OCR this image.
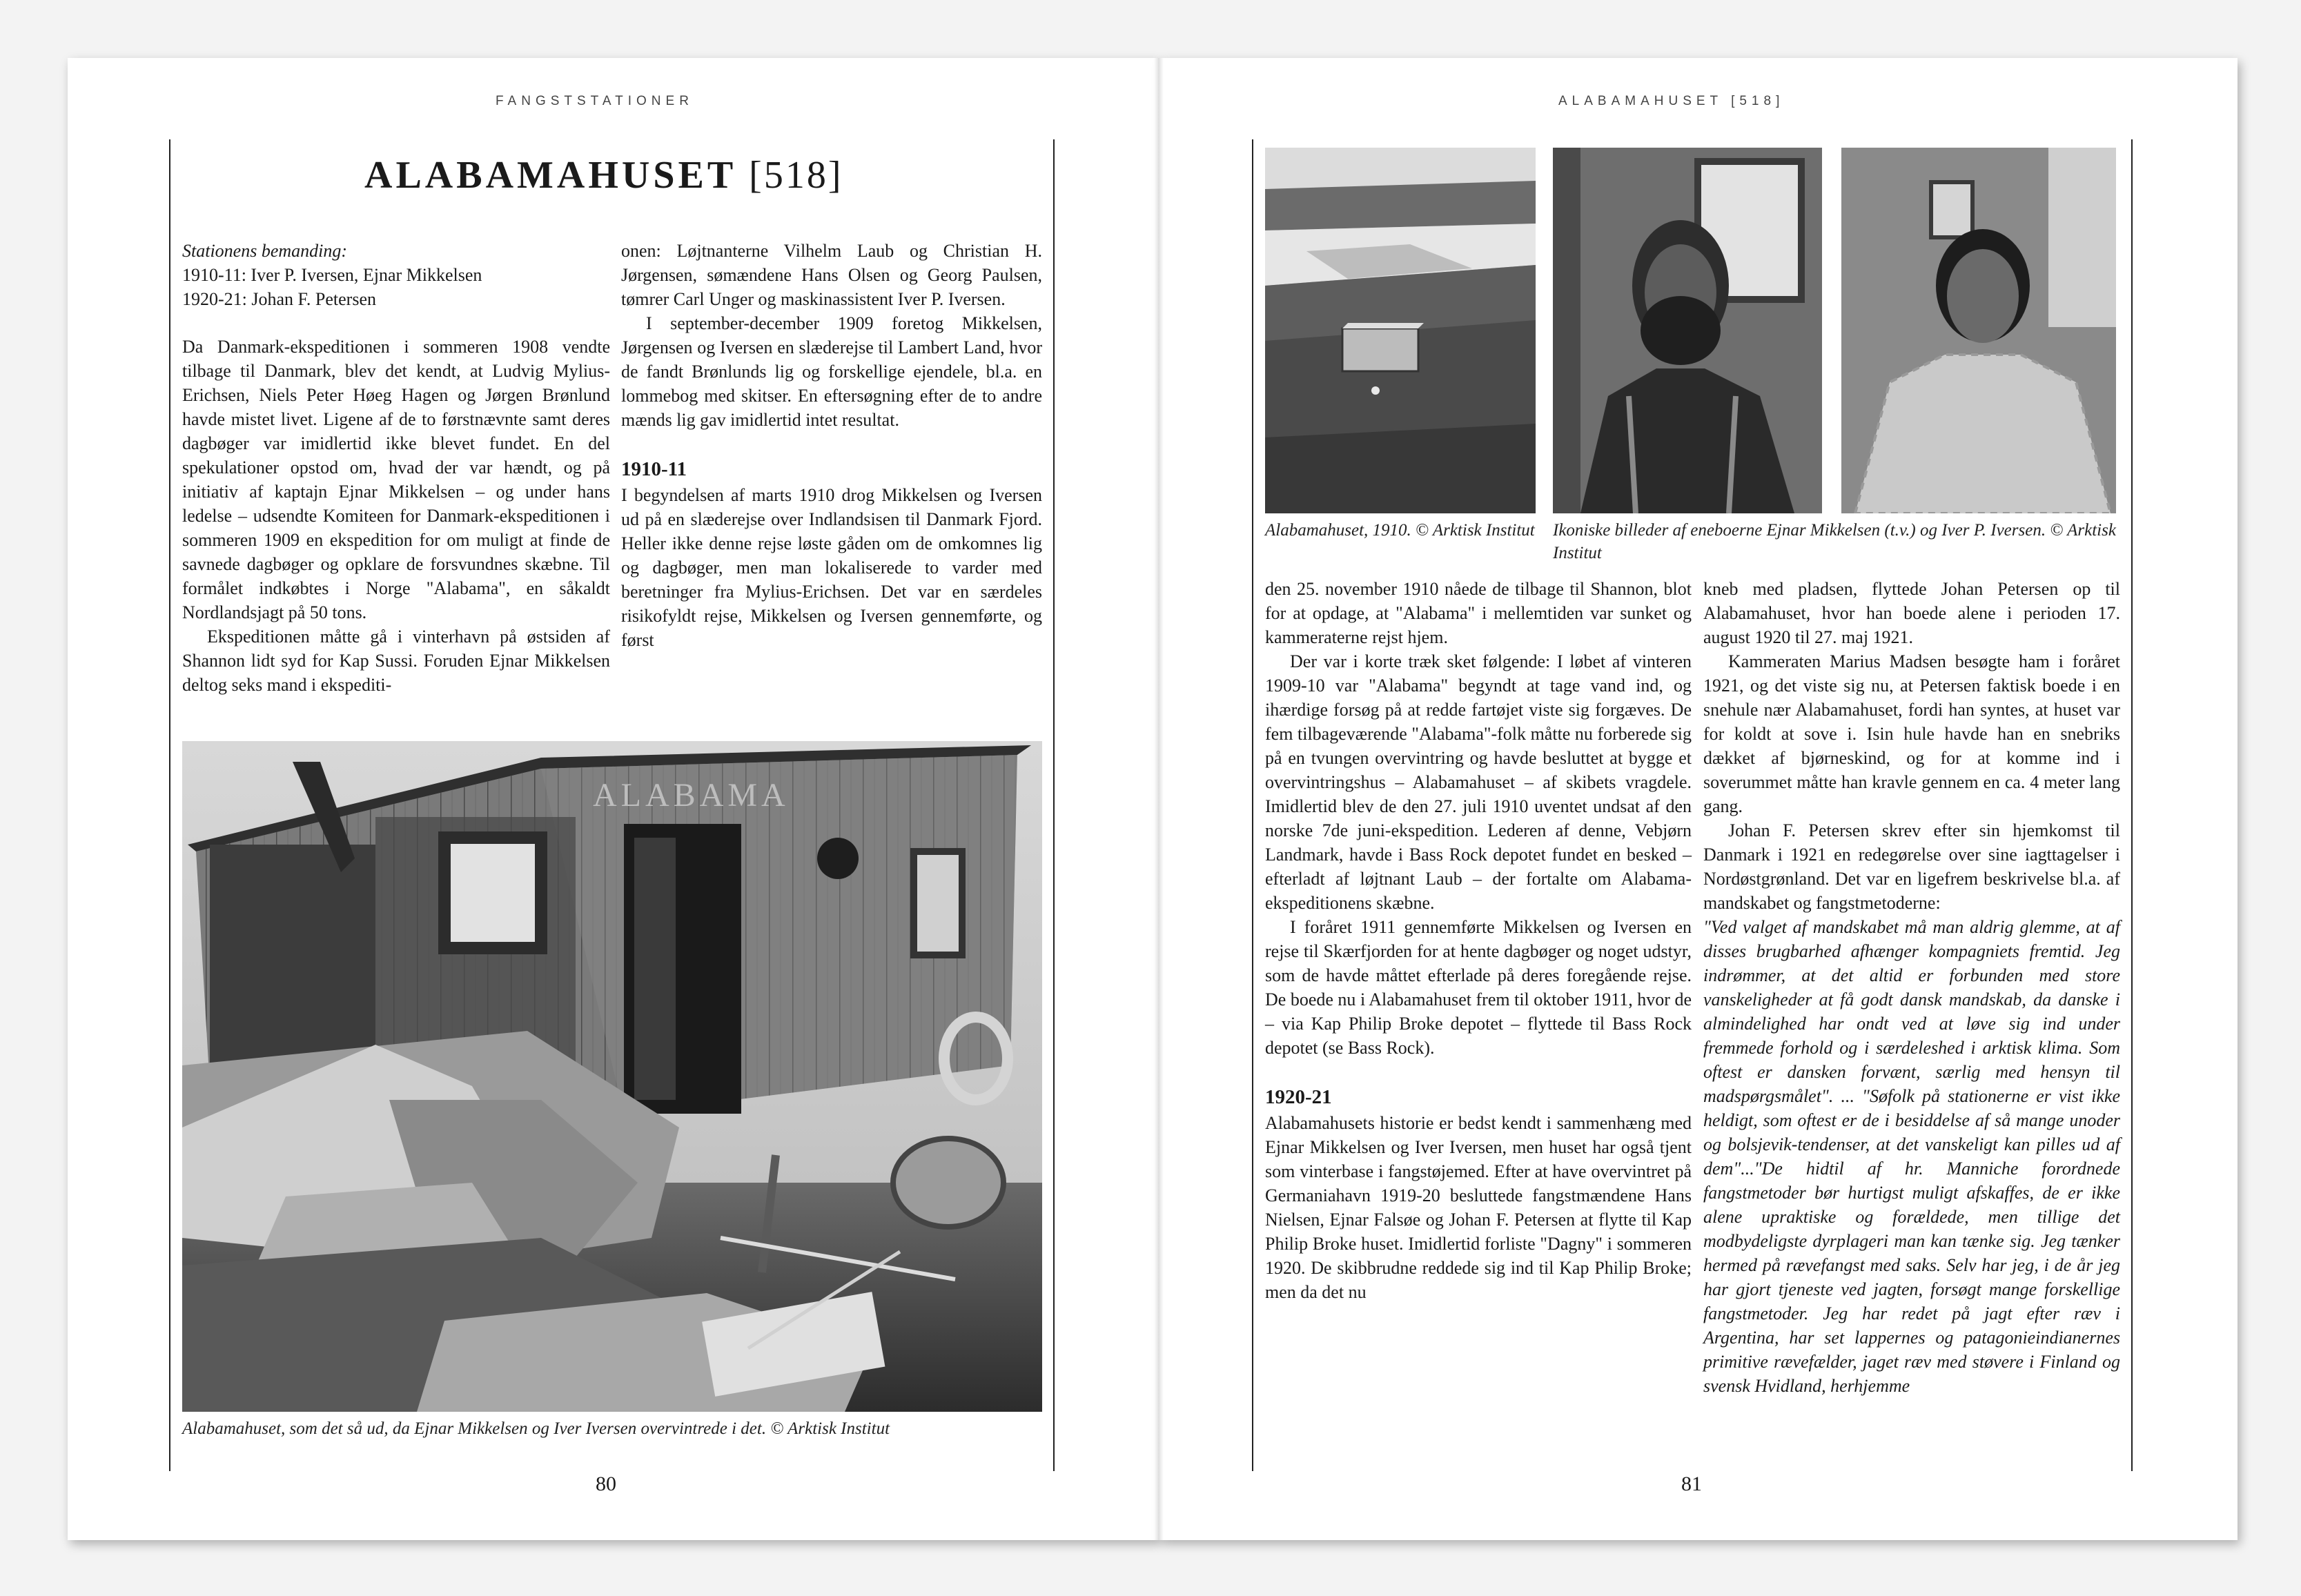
FANGSTSTATIONER
ALABAMAHUSET [518]

Stationens bemanding:

1910-11: Iver P. Iversen, Ejnar Mikkelsen

1920-21: Johan F. Petersen

Da Danmark-ekspeditionen i sommeren 1908 vendte tilbage til Danmark, blev det kendt, at Ludvig Mylius-Erichsen, Niels Peter Høeg Hagen og Jørgen Brønlund havde mistet livet. Ligene af de to førstnævnte samt deres dagbøger var imidlertid ikke blevet fundet. En del spekulationer opstod om, hvad der var hændt, og på initiativ af kaptajn Ejnar Mikkelsen – og under hans ledelse – udsendte Komiteen for Danmark-ekspeditionen i sommeren 1909 en ekspedition for om muligt at finde de savnede dagbøger og opklare de forsvundnes skæbne. Til formålet indkøbtes i Norge "Alabama", en såkaldt Nordlandsjagt på 50 tons.

Ekspeditionen måtte gå i vinterhavn på østsiden af Shannon lidt syd for Kap Sussi. Foruden Ejnar Mikkelsen deltog seks mand i ekspediti-

onen: Løjtnanterne Vilhelm Laub og Christian H. Jørgensen, sømændene Hans Olsen og Georg Paulsen, tømrer Carl Unger og maskinassistent Iver P. Iversen.

I september-december 1909 foretog Mikkelsen, Jørgensen og Iversen en slæderejse til Lambert Land, hvor de fandt Brønlunds lig og forskellige ejendele, bl.a. en lommebog med skitser. En eftersøgning efter de to andre mænds lig gav imidlertid intet resultat.

1910-11

I begyndelsen af marts 1910 drog Mikkelsen og Iversen ud på en slæderejse over Indlandsisen til Danmark Fjord. Heller ikke denne rejse løste gåden om de omkomnes lig og dagbøger, men man lokaliserede to varder med beretninger fra Mylius-Erichsen. Det var en særdeles risikofyldt rejse, Mikkelsen og Iversen gennemførte, og først

ALABAMA
Alabamahuset, som det så ud, da Ejnar Mikkelsen og Iver Iversen overvintrede i det. © Arktisk Institut
80
ALABAMAHUSET [518]
Alabamahuset, 1910. © Arktisk Institut	Ikoniske billeder af eneboerne Ejnar Mikkelsen (t.v.) og Iver P. Iversen. © Arktisk Institut

den 25. november 1910 nåede de tilbage til Shannon, blot for at opdage, at "Alabama" i mellemtiden var sunket og kammeraterne rejst hjem.

Der var i korte træk sket følgende: I løbet af vinteren 1909-10 var "Alabama" begyndt at tage vand ind, og ihærdige forsøg på at redde fartøjet viste sig forgæves. De fem tilbageværende "Alabama"-folk måtte nu forberede sig på en tvungen overvintring og havde besluttet at bygge et overvintringshus – Alabamahuset – af skibets vragdele. Imidlertid blev de den 27. juli 1910 uventet undsat af den norske 7de juni-ekspedition. Lederen af denne, Vebjørn Landmark, havde i Bass Rock depotet fundet en besked – efterladt af løjtnant Laub – der fortalte om Alabama-ekspeditionens skæbne.

I foråret 1911 gennemførte Mikkelsen og Iversen en rejse til Skærfjorden for at hente dagbøger og noget udstyr, som de havde måttet efterlade på deres foregående rejse. De boede nu i Alabamahuset frem til oktober 1911, hvor de – via Kap Philip Broke depotet – flyttede til Bass Rock depotet (se Bass Rock).

1920-21

Alabamahusets historie er bedst kendt i sammenhæng med Ejnar Mikkelsen og Iver Iversen, men huset har også tjent som vinterbase i fangstøjemed. Efter at have overvintret på Germaniahavn 1919-20 besluttede fangstmændene Hans Nielsen, Ejnar Falsøe og Johan F. Petersen at flytte til Kap Philip Broke huset. Imidlertid forliste "Dagny" i sommeren 1920. De skibbrudne reddede sig ind til Kap Philip Broke; men da det nu

kneb med pladsen, flyttede Johan Petersen op til Alabamahuset, hvor han boede alene i perioden 17. august 1920 til 27. maj 1921.

Kammeraten Marius Madsen besøgte ham i foråret 1921, og det viste sig nu, at Petersen faktisk boede i en snehule nær Alabamahuset, fordi han syntes, at huset var for koldt at sove i. Isin hule havde han en snebriks dækket af bjørneskind, og for at komme ind i soverummet måtte han kravle gennem en ca. 4 meter lang gang.

Johan F. Petersen skrev efter sin hjemkomst til Danmark i 1921 en redegørelse over sine iagttagelser i Nordøstgrønland. Det var en ligefrem beskrivelse bl.a. af mandskabet og fangstmetoderne:

"Ved valget af mandskabet må man aldrig glemme, at af disses brugbarhed afhænger kompagniets fremtid. Jeg indrømmer, at det altid er forbunden med store vanskeligheder at få godt dansk mandskab, da danske i almindelighed har ondt ved at løve sig ind under fremmede forhold og i særdeleshed i arktisk klima. Som oftest er dansken forvænt, særlig med hensyn til madspørgsmålet". ... "Søfolk på stationerne er vist ikke heldigt, som oftest er de i besiddelse af så mange unoder og bolsjevik-tendenser, at det vanskeligt kan pilles ud af dem"..."De hidtil af hr. Manniche forordnede fangstmetoder bør hurtigst muligt afskaffes, de er ikke alene upraktiske og forældede, men tillige det modbydeligste dyrplageri man kan tænke sig. Jeg tænker hermed på rævefangst med saks. Selv har jeg, i de år jeg har gjort tjeneste ved jagten, forsøgt mange forskellige fangstmetoder. Jeg har redet på jagt efter ræv i Argentina, har set lappernes og patagonieindianernes primitive rævefælder, jaget ræv med støvere i Finland og svensk Hvidland, herhjemme

81
